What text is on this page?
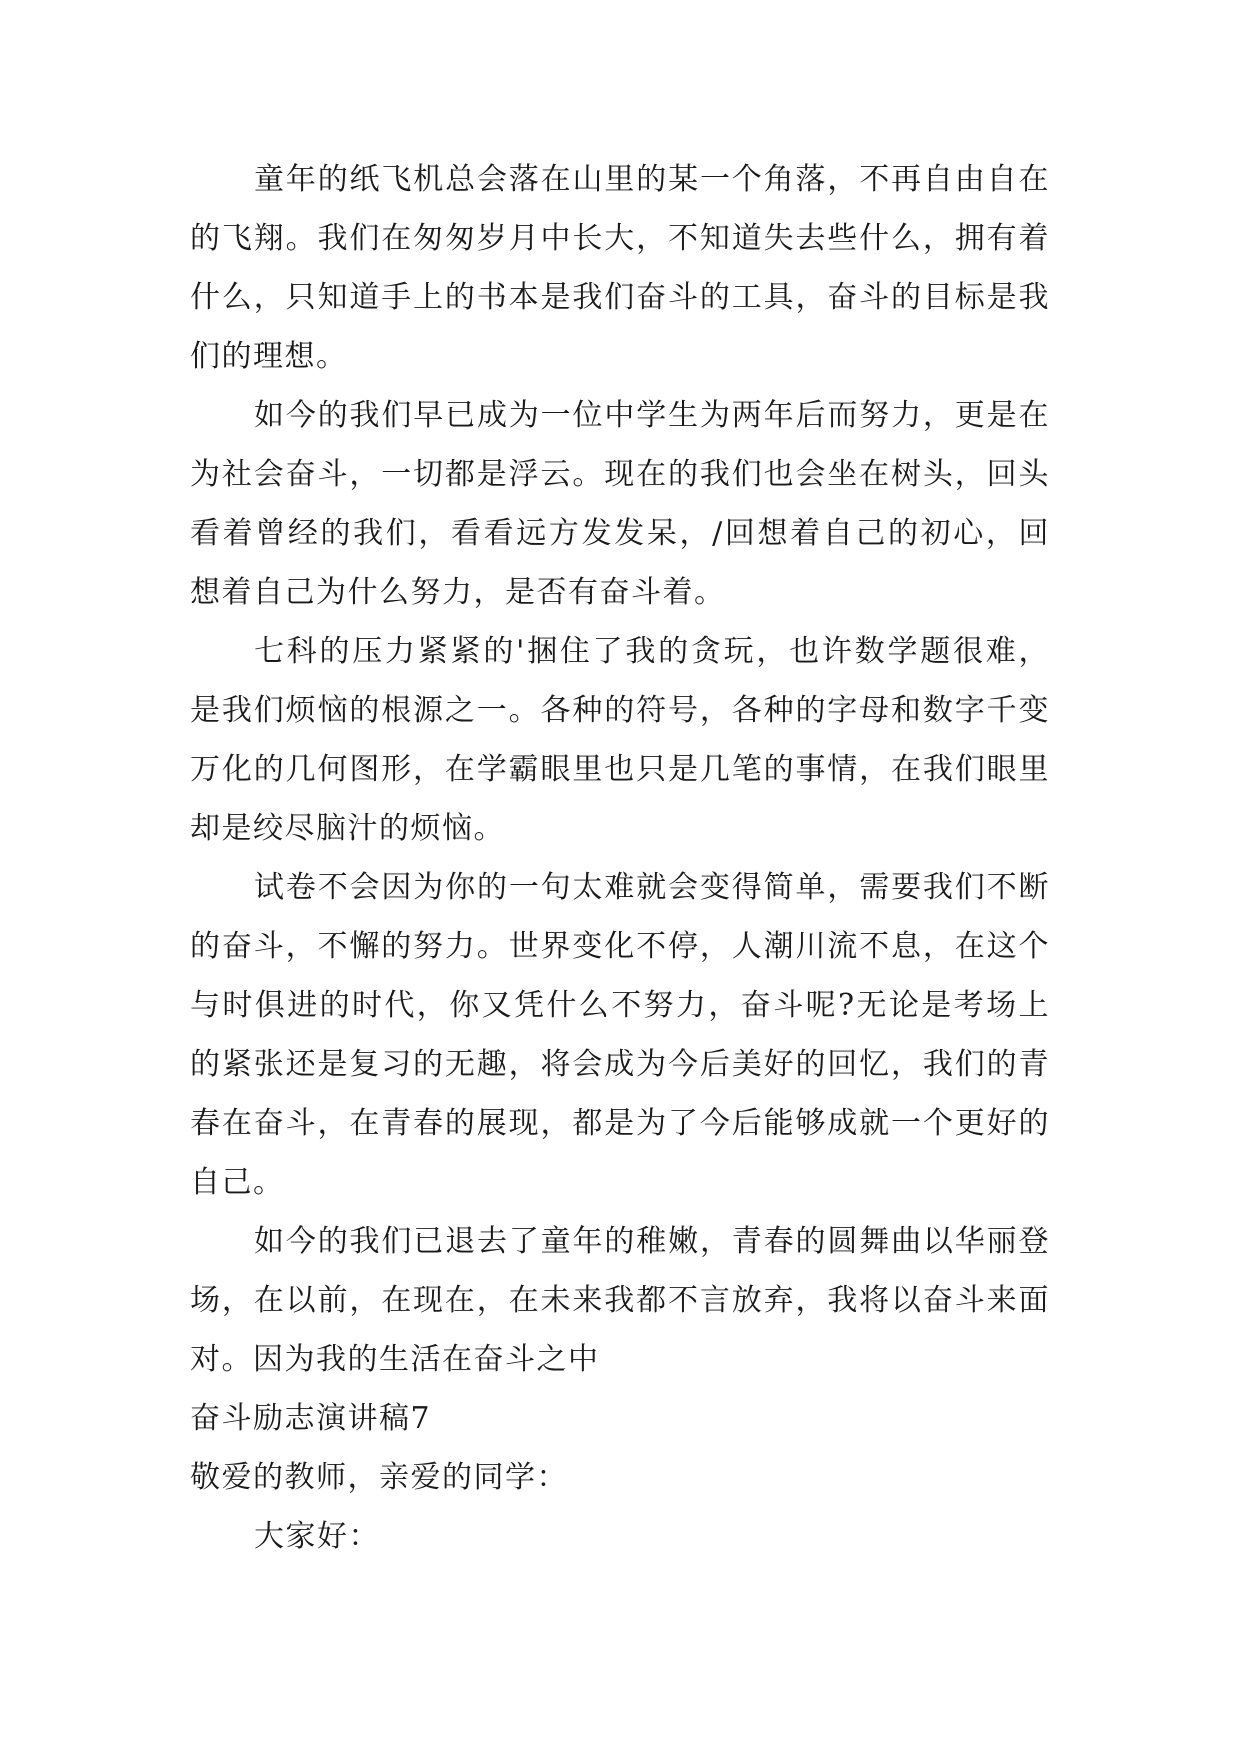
童年的纸飞机总会落在山里的某一个角落，不再自由自在的飞翔。我们在匆匆岁月中长大，不知道失去些什么，拥有着什么，只知道手上的书本是我们奋斗的工具，奋斗的目标是我们的理想。

如今的我们早已成为一位中学生为两年后而努力，更是在为社会奋斗，一切都是浮云。现在的我们也会坐在树头，回头看着曾经的我们，看看远方发发呆，/回想着自己的初心，回想着自己为什么努力，是否有奋斗着。

七科的压力紧紧的'捆住了我的贪玩，也许数学题很难，是我们烦恼的根源之一。各种的符号，各种的字母和数字千变万化的几何图形，在学霸眼里也只是几笔的事情，在我们眼里却是绞尽脑汁的烦恼。

试卷不会因为你的一句太难就会变得简单，需要我们不断的奋斗，不懈的努力。世界变化不停，人潮川流不息，在这个与时俱进的时代，你又凭什么不努力，奋斗呢?无论是考场上的紧张还是复习的无趣，将会成为今后美好的回忆，我们的青春在奋斗，在青春的展现，都是为了今后能够成就一个更好的自己。

如今的我们已退去了童年的稚嫩，青春的圆舞曲以华丽登场，在以前，在现在，在未来我都不言放弃，我将以奋斗来面对。因为我的生活在奋斗之中

奋斗励志演讲稿7

敬爱的教师，亲爱的同学：

大家好：
